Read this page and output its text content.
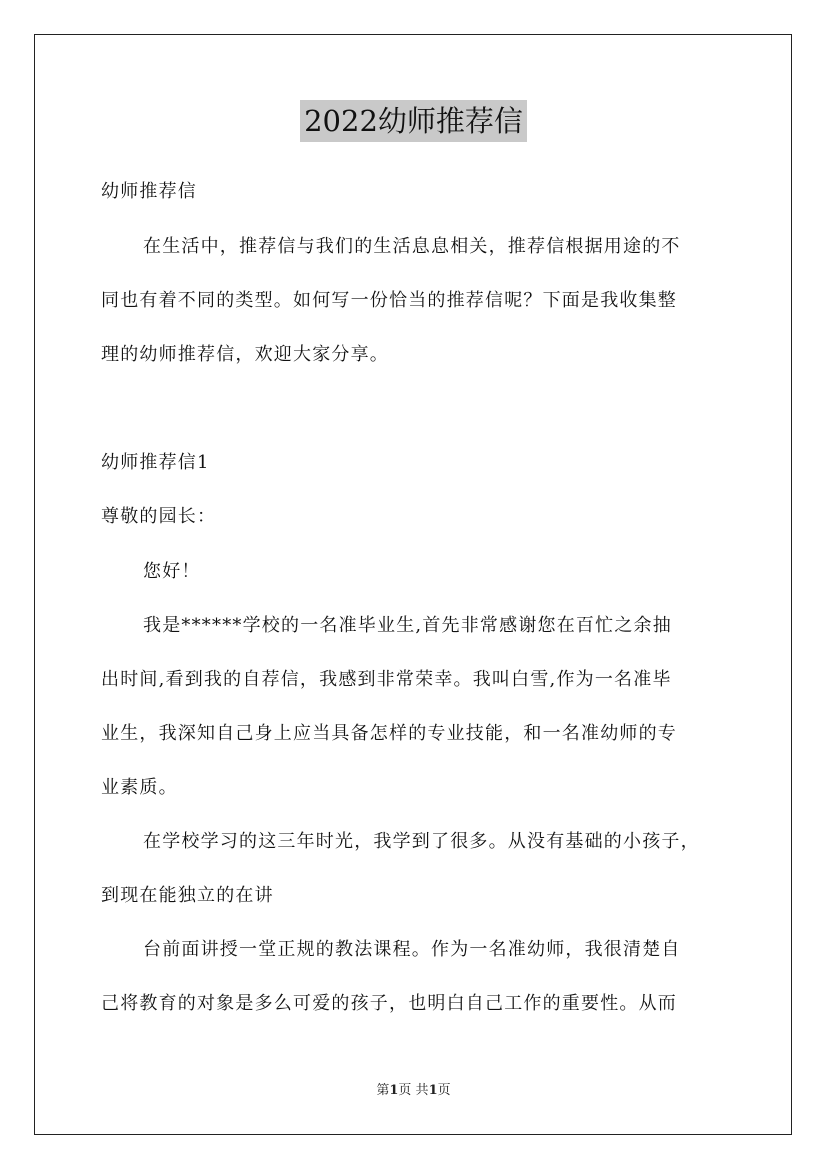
2022幼师推荐信
幼师推荐信
在生活中，推荐信与我们的生活息息相关，推荐信根据用途的不
同也有着不同的类型。如何写一份恰当的推荐信呢？下面是我收集整
理的幼师推荐信，欢迎大家分享。
幼师推荐信1
尊敬的园长：
您好！
我是******学校的一名准毕业生,首先非常感谢您在百忙之余抽
出时间,看到我的自荐信，我感到非常荣幸。我叫白雪,作为一名准毕
业生，我深知自己身上应当具备怎样的专业技能，和一名准幼师的专
业素质。
在学校学习的这三年时光，我学到了很多。从没有基础的小孩子，
到现在能独立的在讲
台前面讲授一堂正规的教法课程。作为一名准幼师，我很清楚自
己将教育的对象是多么可爱的孩子，也明白自己工作的重要性。从而
第1页 共1页
